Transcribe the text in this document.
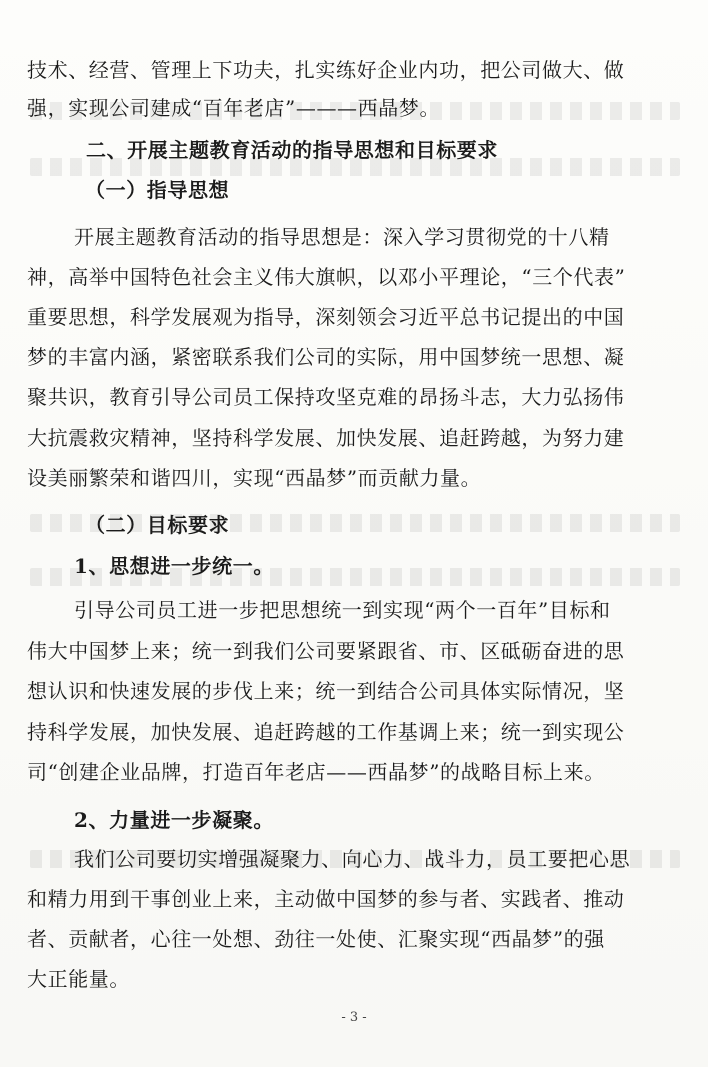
技术、经营、管理上下功夫，扎实练好企业内功，把公司做大、做
强，实现公司建成“百年老店”———西晶梦。
二、开展主题教育活动的指导思想和目标要求
（一）指导思想
开展主题教育活动的指导思想是：深入学习贯彻党的十八精
神，高举中国特色社会主义伟大旗帜，以邓小平理论，“三个代表”
重要思想，科学发展观为指导，深刻领会习近平总书记提出的中国
梦的丰富内涵，紧密联系我们公司的实际，用中国梦统一思想、凝
聚共识，教育引导公司员工保持攻坚克难的昂扬斗志，大力弘扬伟
大抗震救灾精神，坚持科学发展、加快发展、追赶跨越，为努力建
设美丽繁荣和谐四川，实现“西晶梦”而贡献力量。
（二）目标要求
1、思想进一步统一。
引导公司员工进一步把思想统一到实现“两个一百年”目标和
伟大中国梦上来；统一到我们公司要紧跟省、市、区砥砺奋进的思
想认识和快速发展的步伐上来；统一到结合公司具体实际情况，坚
持科学发展，加快发展、追赶跨越的工作基调上来；统一到实现公
司“创建企业品牌，打造百年老店——西晶梦”的战略目标上来。
2、力量进一步凝聚。
我们公司要切实增强凝聚力、向心力、战斗力，员工要把心思
和精力用到干事创业上来，主动做中国梦的参与者、实践者、推动
者、贡献者，心往一处想、劲往一处使、汇聚实现“西晶梦”的强
大正能量。
- 3 -
